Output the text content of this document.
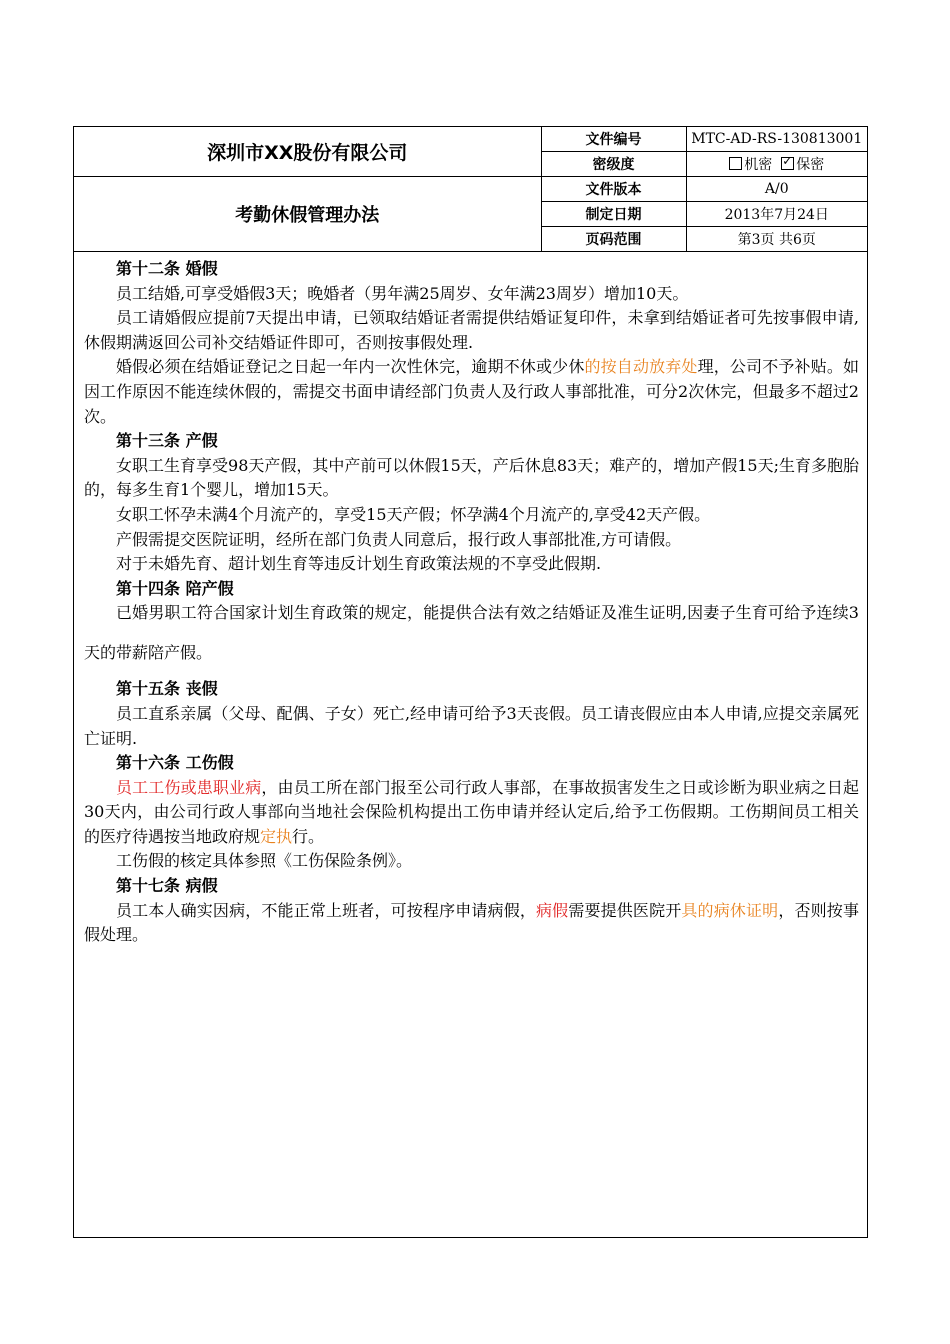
深圳市XX股份有限公司	文件编号	MTC-AD-RS-130813001
	密级度	机密 ✓ 保密
考勤休假管理办法	文件版本	A/0
	制定日期	2013年7月24日
	页码范围	第3页 共6页
第十二条 婚假

员工结婚,可享受婚假3天；晚婚者（男年满25周岁、女年满23周岁）增加10天。

员工请婚假应提前7天提出申请，已领取结婚证者需提供结婚证复印件，未拿到结婚证者可先按事假申请,休假期满返回公司补交结婚证件即可，否则按事假处理.

婚假必须在结婚证登记之日起一年内一次性休完，逾期不休或少休的按自动放弃处理，公司不予补贴。如因工作原因不能连续休假的，需提交书面申请经部门负责人及行政人事部批准，可分2次休完，但最多不超过2次。

第十三条 产假

女职工生育享受98天产假，其中产前可以休假15天，产后休息83天；难产的，增加产假15天;生育多胞胎的，每多生育1个婴儿，增加15天。

女职工怀孕未满4个月流产的，享受15天产假；怀孕满4个月流产的,享受42天产假。

产假需提交医院证明，经所在部门负责人同意后，报行政人事部批准,方可请假。

对于未婚先育、超计划生育等违反计划生育政策法规的不享受此假期.

第十四条 陪产假

已婚男职工符合国家计划生育政策的规定，能提供合法有效之结婚证及准生证明,因妻子生育可给予连续3天的带薪陪产假。

第十五条 丧假

员工直系亲属（父母、配偶、子女）死亡,经申请可给予3天丧假。员工请丧假应由本人申请,应提交亲属死亡证明.

第十六条 工伤假

员工工伤或患职业病，由员工所在部门报至公司行政人事部，在事故损害发生之日或诊断为职业病之日起30天内，由公司行政人事部向当地社会保险机构提出工伤申请并经认定后,给予工伤假期。工伤期间员工相关的医疗待遇按当地政府规定执行。

工伤假的核定具体参照《工伤保险条例》。

第十七条 病假

员工本人确实因病，不能正常上班者，可按程序申请病假，病假需要提供医院开具的病休证明，否则按事假处理。
